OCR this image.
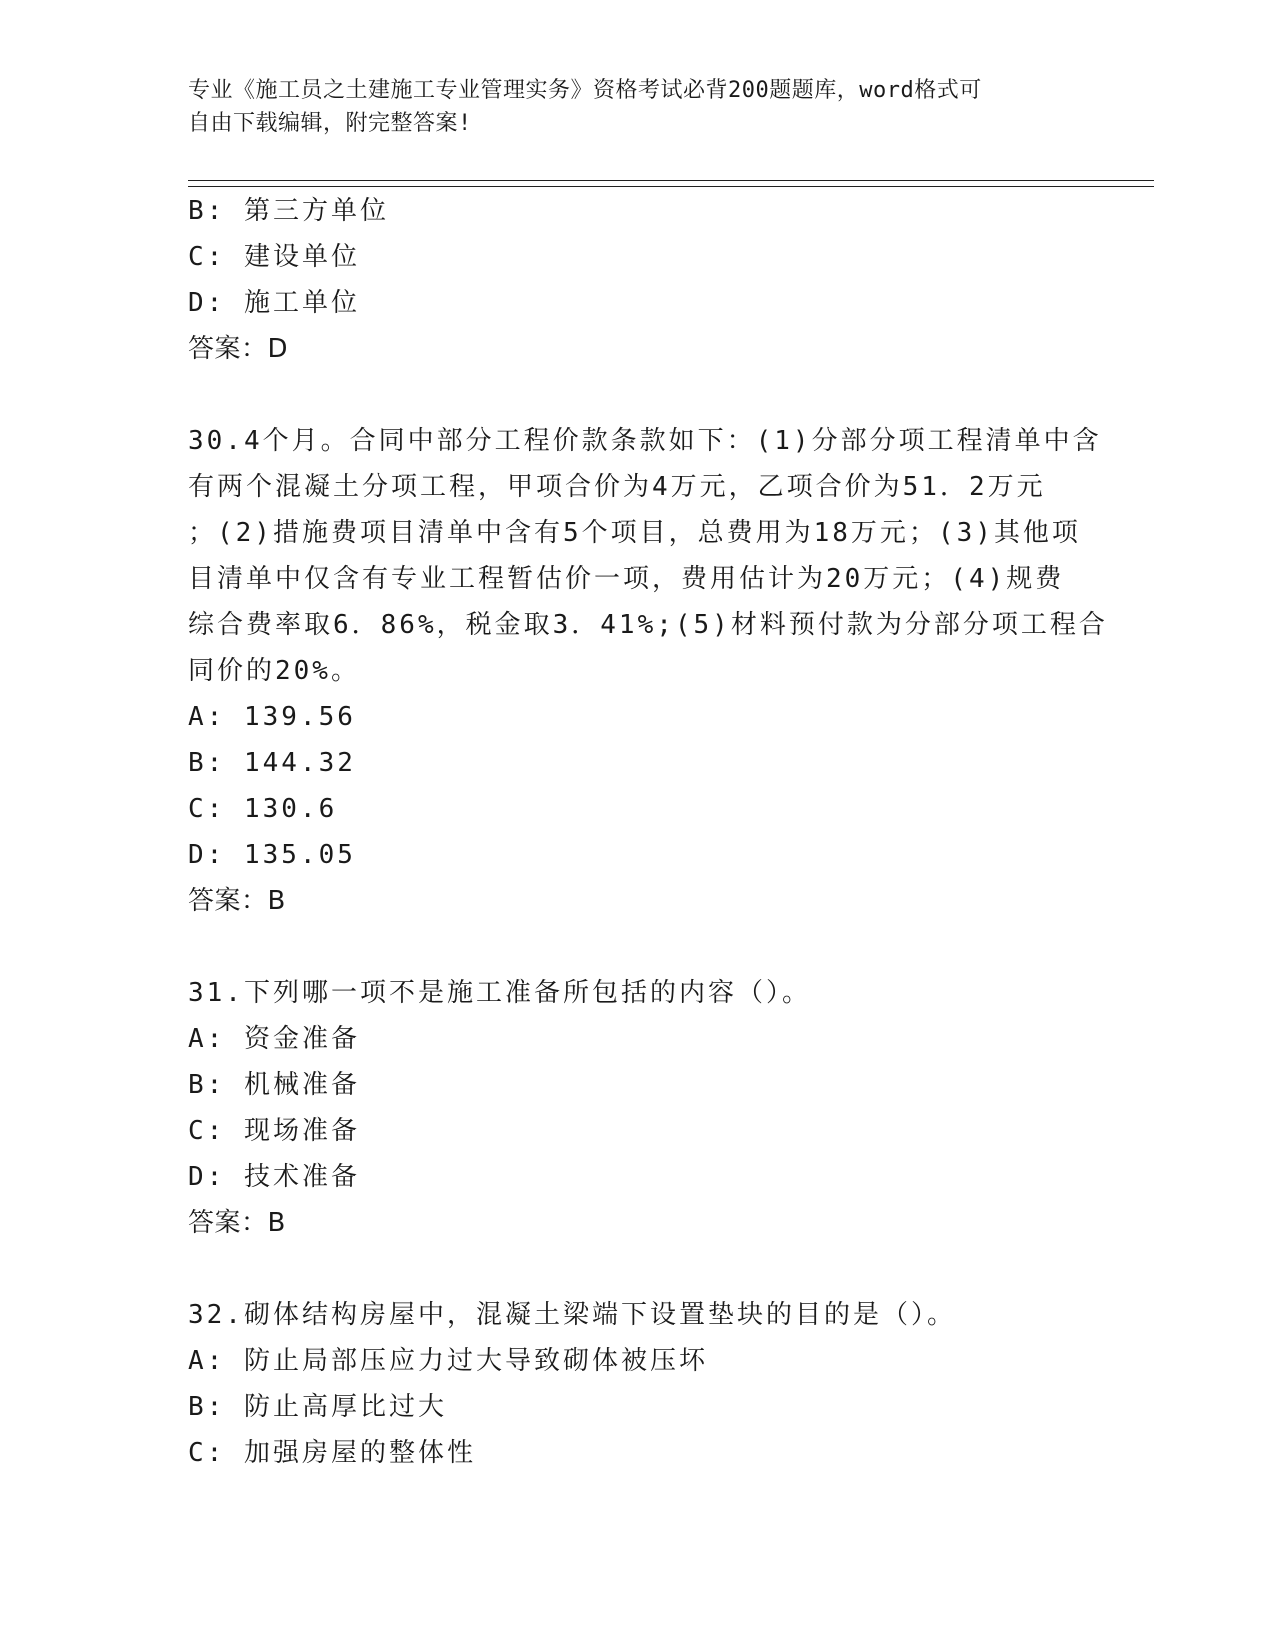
专业《施工员之土建施工专业管理实务》资格考试必背200题题库，word格式可
自由下载编辑，附完整答案!
B: 第三方单位
C: 建设单位
D: 施工单位
答案：D
30.4个月。合同中部分工程价款条款如下：(1)分部分项工程清单中含
有两个混凝土分项工程，甲项合价为4万元，乙项合价为51．2万元
；(2)措施费项目清单中含有5个项目，总费用为18万元；(3)其他项
目清单中仅含有专业工程暂估价一项，费用估计为20万元；(4)规费
综合费率取6．86%，税金取3．41%;(5)材料预付款为分部分项工程合
同价的20%。
A: 139.56
B: 144.32
C: 130.6
D: 135.05
答案：B
31.下列哪一项不是施工准备所包括的内容（）。
A: 资金准备
B: 机械准备
C: 现场准备
D: 技术准备
答案：B
32.砌体结构房屋中，混凝土梁端下设置垫块的目的是（）。
A: 防止局部压应力过大导致砌体被压坏
B: 防止高厚比过大
C: 加强房屋的整体性
